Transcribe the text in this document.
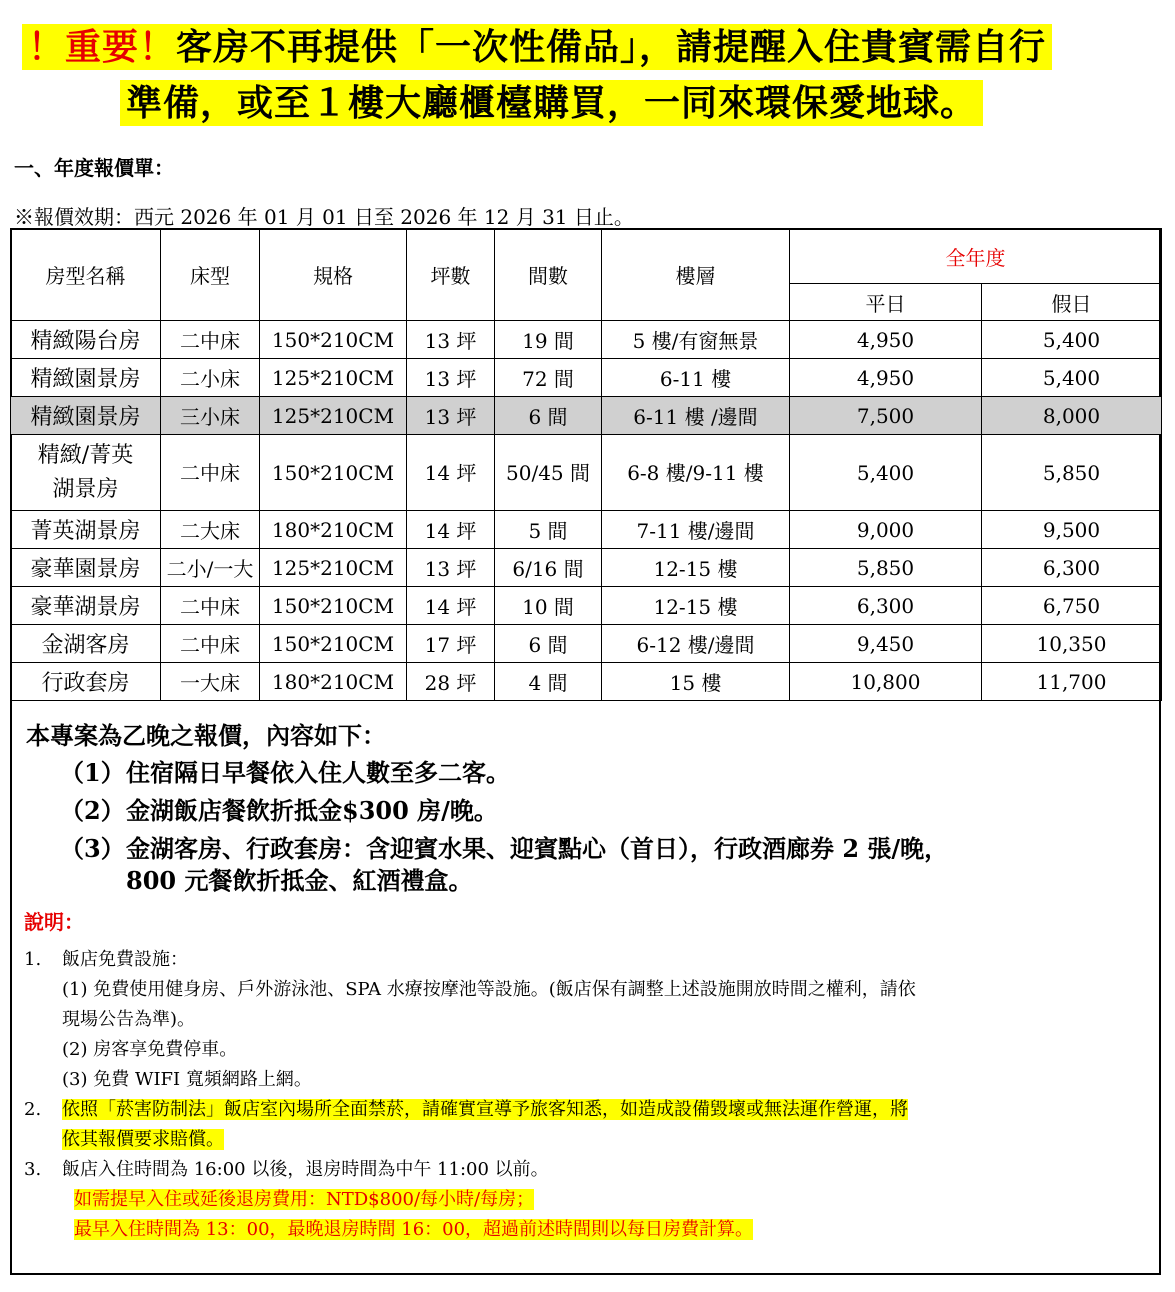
！重要！客房不再提供「一次性備品」，請提醒入住貴賓需自行
準備，或至１樓大廳櫃檯購買，一同來環保愛地球。
一、年度報價單：
※報價效期：西元 2026 年 01 月 01 日至 2026 年 12 月 31 日止。
房型名稱	床型	規格	坪數	間數	樓層	全年度	
						平日	假日
精緻陽台房	二中床	150*210CM	13 坪	19 間	5 樓/有窗無景	4,950	5,400
精緻園景房	二小床	125*210CM	13 坪	72 間	6-11 樓	4,950	5,400
精緻園景房	三小床	125*210CM	13 坪	6 間	6-11 樓 /邊間	7,500	8,000
精緻/菁英
湖景房	二中床	150*210CM	14 坪	50/45 間	6-8 樓/9-11 樓	5,400	5,850
菁英湖景房	二大床	180*210CM	14 坪	5 間	7-11 樓/邊間	9,000	9,500
豪華園景房	二小/一大	125*210CM	13 坪	6/16 間	12-15 樓	5,850	6,300
豪華湖景房	二中床	150*210CM	14 坪	10 間	12-15 樓	6,300	6,750
金湖客房	二中床	150*210CM	17 坪	6 間	6-12 樓/邊間	9,450	10,350
行政套房	一大床	180*210CM	28 坪	4 間	15 樓	10,800	11,700
本專案為乙晚之報價，內容如下：
（1）住宿隔日早餐依入住人數至多二客。
（2）金湖飯店餐飲折抵金$300 房/晚。
（3）金湖客房、行政套房：含迎賓水果、迎賓點心（首日），行政酒廊券 2 張/晚，
800 元餐飲折抵金、紅酒禮盒。
說明：
1. 飯店免費設施：
(1) 免費使用健身房、戶外游泳池、SPA 水療按摩池等設施。(飯店保有調整上述設施開放時間之權利，請依
現場公告為準)。
(2) 房客享免費停車。
(3) 免費 WIFI 寬頻網路上網。
2. 依照「菸害防制法」飯店室內場所全面禁菸，請確實宣導予旅客知悉，如造成設備毀壞或無法運作營運，將
依其報價要求賠償。
3. 飯店入住時間為 16:00 以後，退房時間為中午 11:00 以前。
如需提早入住或延後退房費用：NTD$800/每小時/每房；
最早入住時間為 13：00，最晚退房時間 16：00，超過前述時間則以每日房費計算。
